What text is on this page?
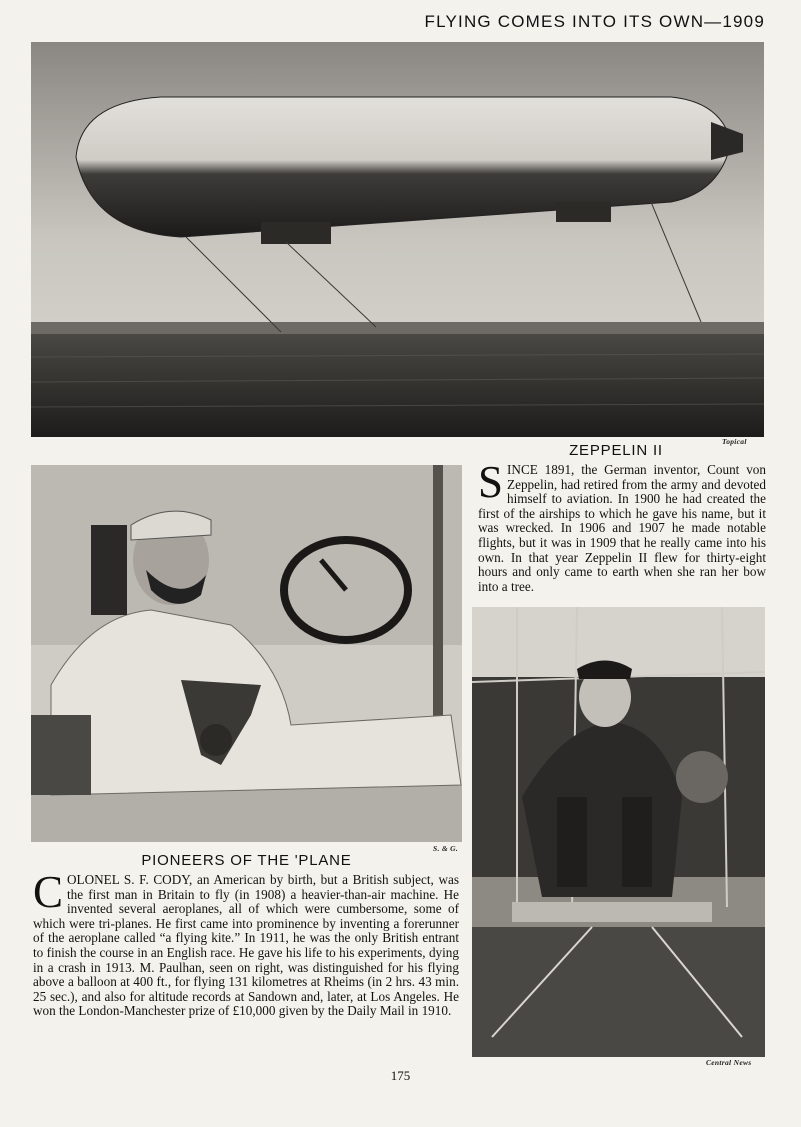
FLYING COMES INTO ITS OWN—1909
Topical
ZEPPELIN II
SINCE 1891, the German inventor, Count von Zeppelin, had retired from the army and devoted himself to aviation. In 1900 he had created the first of the airships to which he gave his name, but it was wrecked. In 1906 and 1907 he made notable flights, but it was in 1909 that he really came into his own. In that year Zeppelin II flew for thirty-eight hours and only came to earth when she ran her bow into a tree.
S. & G.
PIONEERS OF THE 'PLANE
COLONEL S. F. CODY, an American by birth, but a British subject, was the first man in Britain to fly (in 1908) a heavier-than-air machine. He invented several aeroplanes, all of which were cumbersome, some of which were tri-planes. He first came into prominence by inventing a forerunner of the aeroplane called “a flying kite.” In 1911, he was the only British entrant to finish the course in an English race. He gave his life to his experiments, dying in a crash in 1913. M. Paulhan, seen on right, was distinguished for his flying above a balloon at 400 ft., for flying 131 kilometres at Rheims (in 2 hrs. 43 min. 25 sec.), and also for altitude records at Sandown and, later, at Los Angeles. He won the London-Manchester prize of £10,000 given by the Daily Mail in 1910.
Central News
175
